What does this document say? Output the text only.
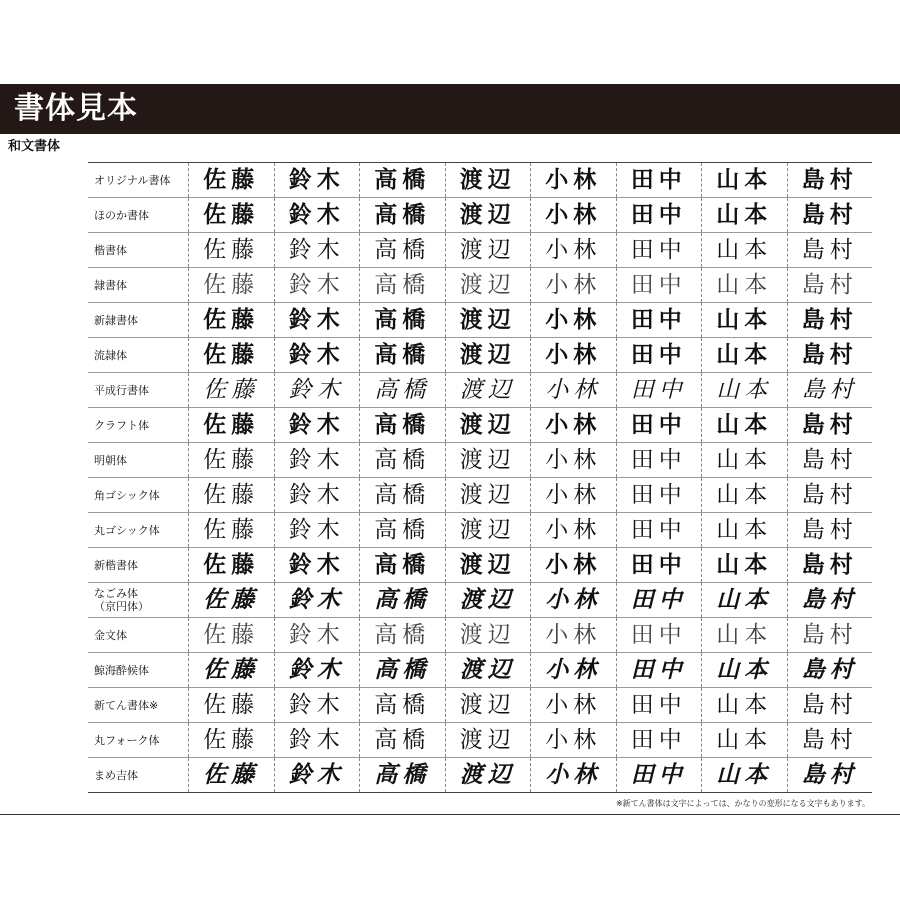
書体見本
和文書体
オリジナル書体	佐藤	鈴木	高橋	渡辺	小林	田中	山本	島村
ほのか書体	佐藤	鈴木	高橋	渡辺	小林	田中	山本	島村
楷書体	佐藤	鈴木	高橋	渡辺	小林	田中	山本	島村
隷書体	佐藤	鈴木	高橋	渡辺	小林	田中	山本	島村
新隷書体	佐藤	鈴木	高橋	渡辺	小林	田中	山本	島村
流隷体	佐藤	鈴木	高橋	渡辺	小林	田中	山本	島村
平成行書体	佐藤	鈴木	高橋	渡辺	小林	田中	山本	島村
クラフト体	佐藤	鈴木	高橋	渡辺	小林	田中	山本	島村
明朝体	佐藤	鈴木	高橋	渡辺	小林	田中	山本	島村
角ゴシック体	佐藤	鈴木	高橋	渡辺	小林	田中	山本	島村
丸ゴシック体	佐藤	鈴木	高橋	渡辺	小林	田中	山本	島村
新楷書体	佐藤	鈴木	高橋	渡辺	小林	田中	山本	島村
なごみ体
（京円体）	佐藤	鈴木	高橋	渡辺	小林	田中	山本	島村
金文体	佐藤	鈴木	高橋	渡辺	小林	田中	山本	島村
鯨海酔候体	佐藤	鈴木	高橋	渡辺	小林	田中	山本	島村
新てん書体※	佐藤	鈴木	高橋	渡辺	小林	田中	山本	島村
丸フォーク体	佐藤	鈴木	高橋	渡辺	小林	田中	山本	島村
まめ吉体	佐藤	鈴木	高橋	渡辺	小林	田中	山本	島村
※新てん書体は文字によっては、かなりの変形になる文字もあります。
